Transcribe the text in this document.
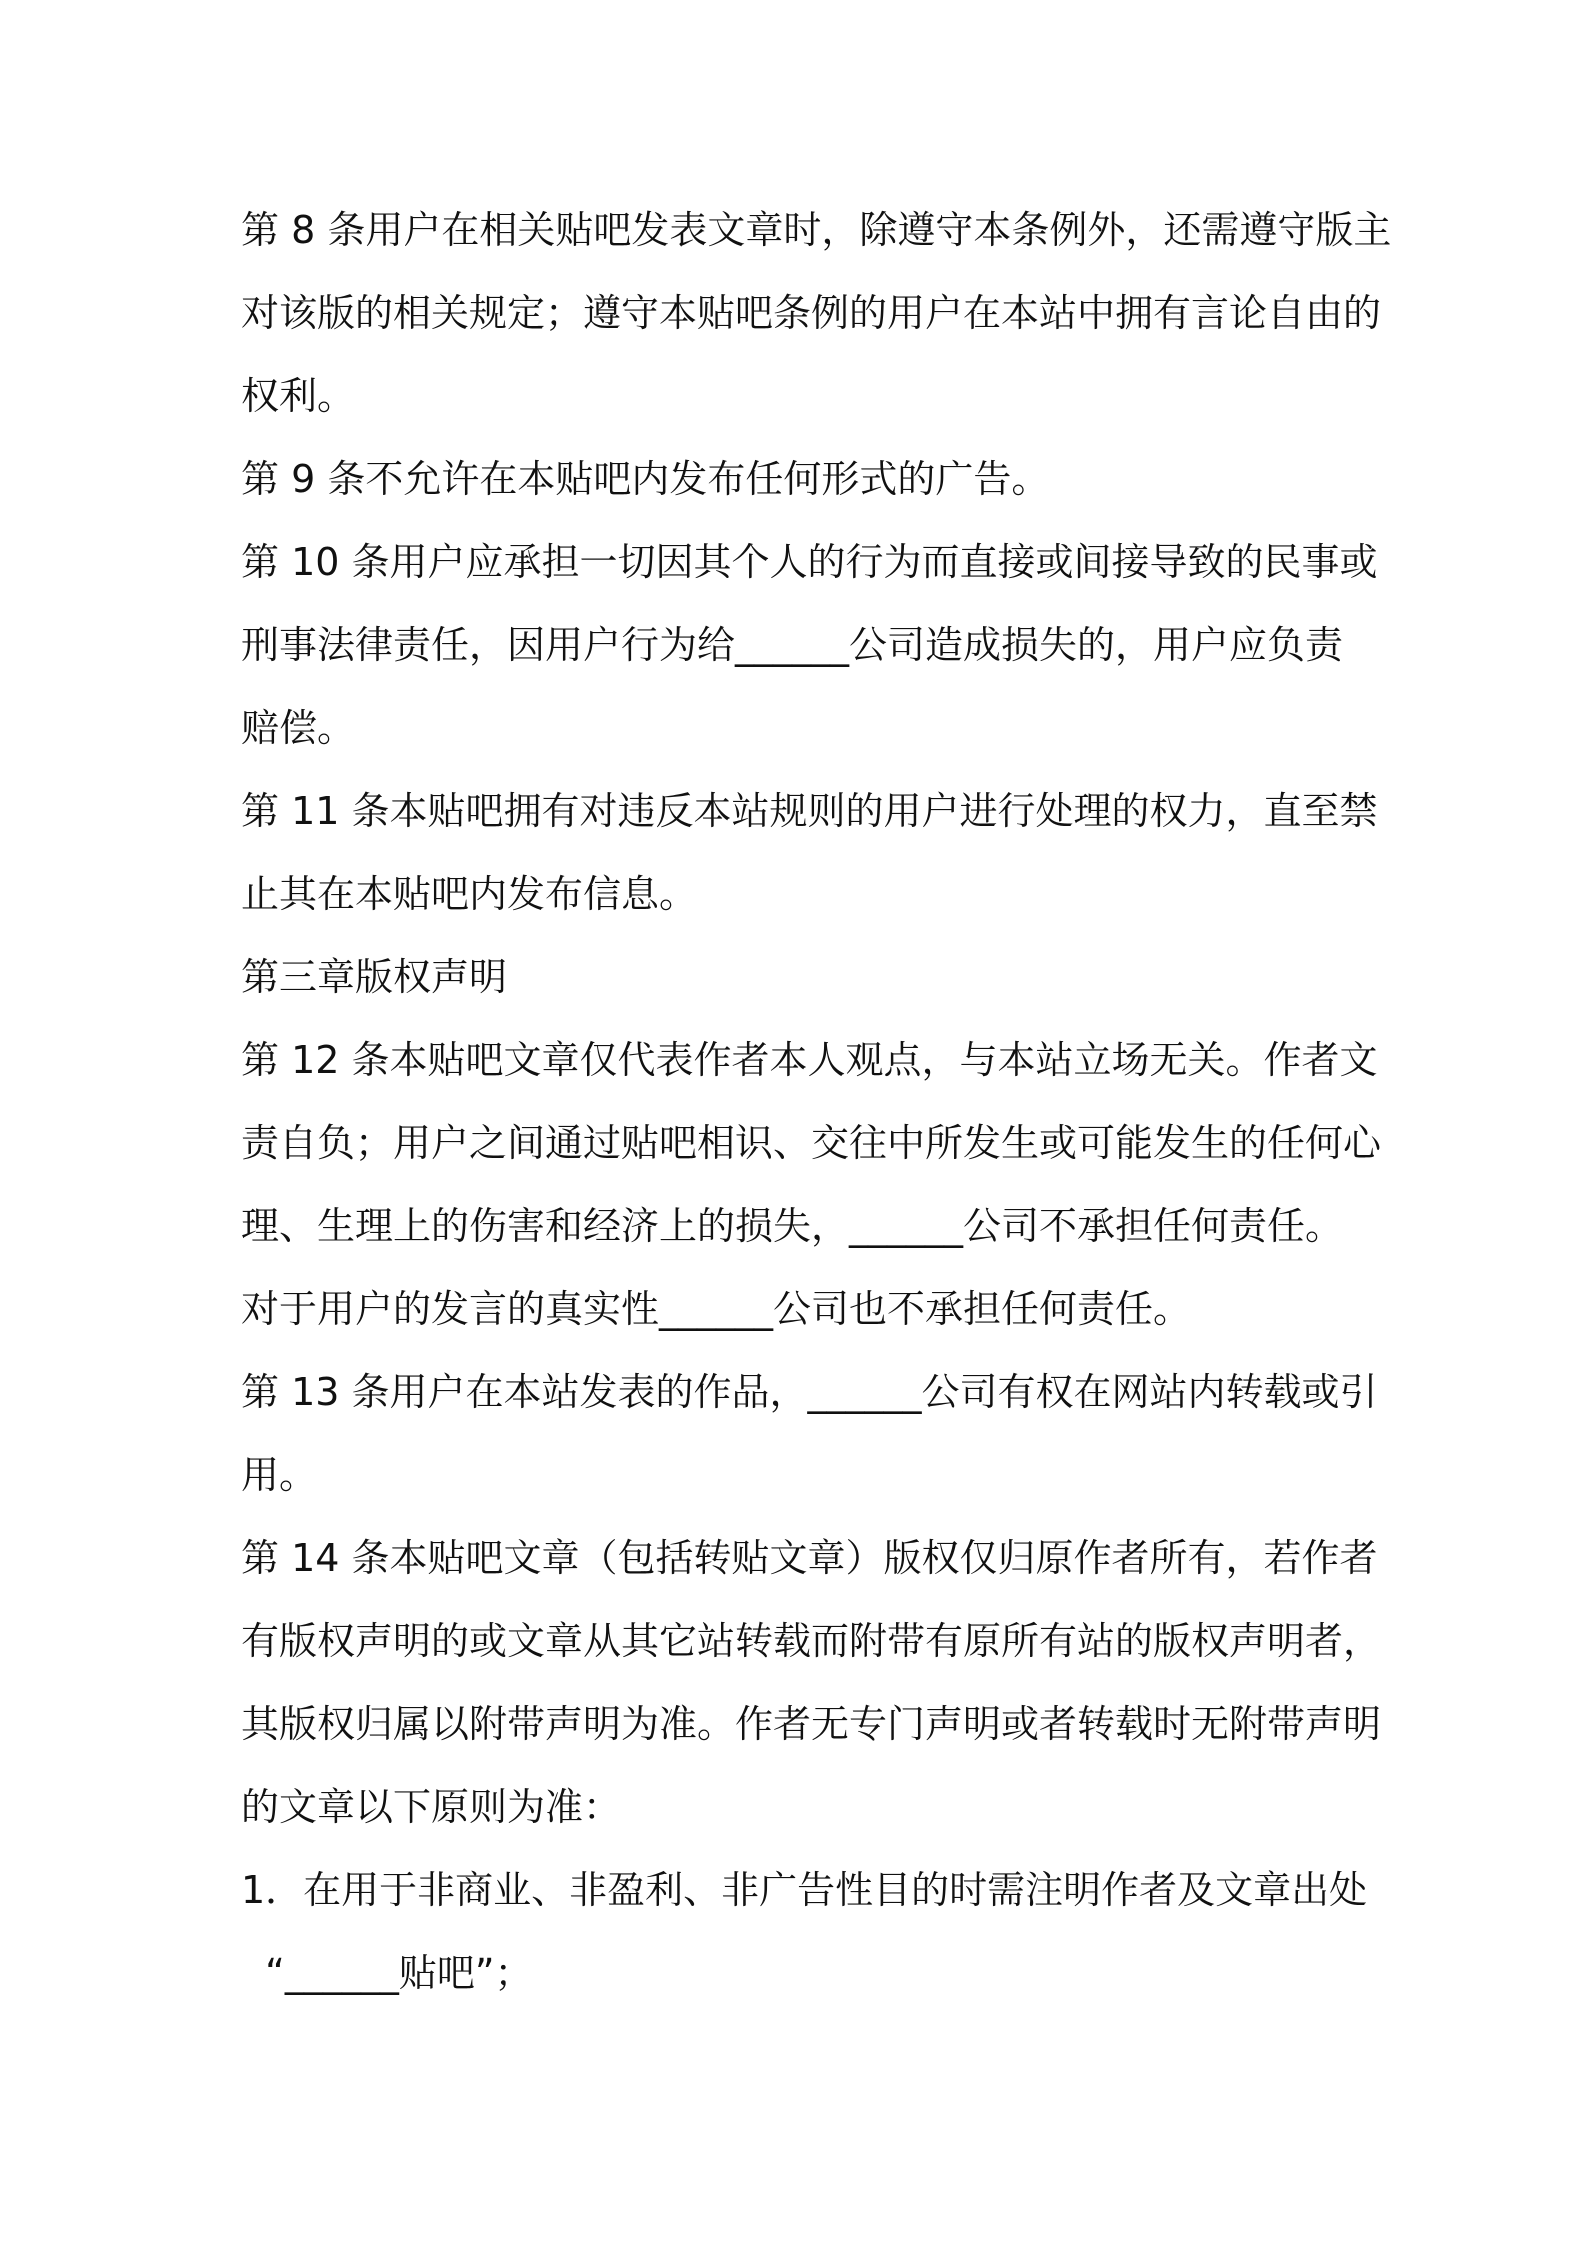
第 8 条用户在相关贴吧发表文章时，除遵守本条例外，还需遵守版主

对该版的相关规定；遵守本贴吧条例的用户在本站中拥有言论自由的

权利。

第 9 条不允许在本贴吧内发布任何形式的广告。

第 10 条用户应承担一切因其个人的行为而直接或间接导致的民事或

刑事法律责任，因用户行为给______公司造成损失的，用户应负责

赔偿。

第 11 条本贴吧拥有对违反本站规则的用户进行处理的权力，直至禁

止其在本贴吧内发布信息。

第三章版权声明

第 12 条本贴吧文章仅代表作者本人观点，与本站立场无关。作者文

责自负；用户之间通过贴吧相识、交往中所发生或可能发生的任何心

理、生理上的伤害和经济上的损失，______公司不承担任何责任。

对于用户的发言的真实性______公司也不承担任何责任。

第 13 条用户在本站发表的作品，______公司有权在网站内转载或引

用。

第 14 条本贴吧文章（包括转贴文章）版权仅归原作者所有，若作者

有版权声明的或文章从其它站转载而附带有原所有站的版权声明者，

其版权归属以附带声明为准。作者无专门声明或者转载时无附带声明

的文章以下原则为准：

1．在用于非商业、非盈利、非广告性目的时需注明作者及文章出处

“______贴吧”；
